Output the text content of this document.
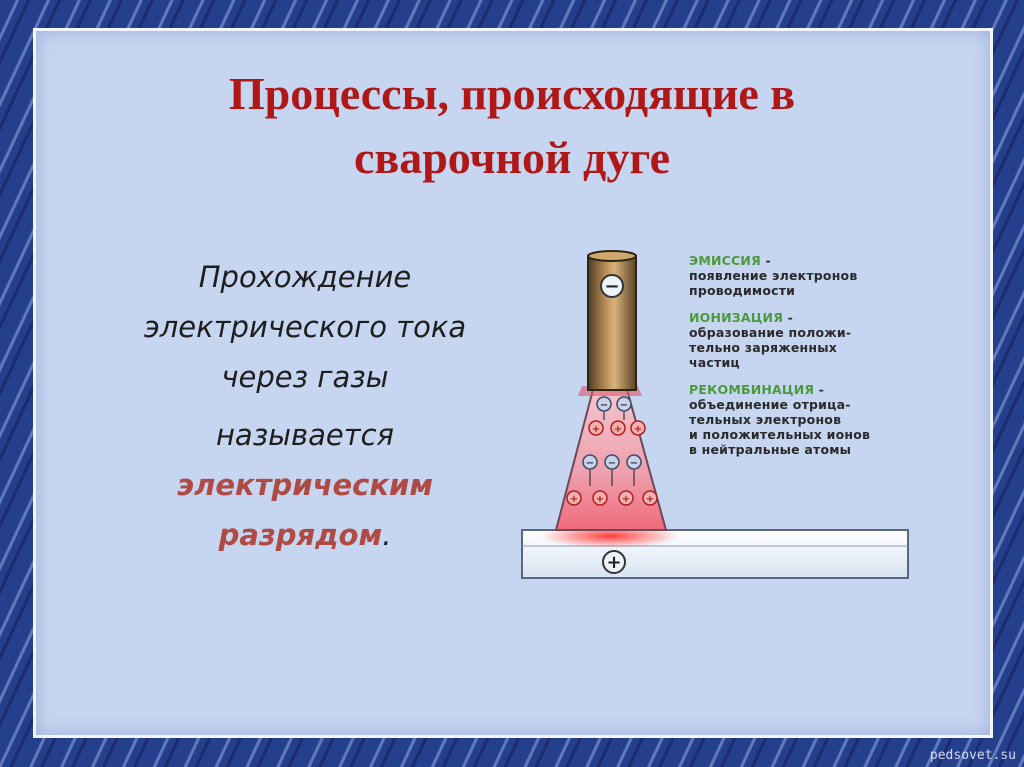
Процессы, происходящие в
сварочной дуге
Прохождение
электрического тока
через газы
называется
электрическим
разрядом.
−
+
− −
− −
−
+ + +
+ + + +
ЭМИССИЯ -
появление электронов
проводимости
ИОНИЗАЦИЯ -
образование положи-
тельно заряженных
частиц
РЕКОМБИНАЦИЯ -
объединение отрица-
тельных электронов
и положительных ионов
в нейтральные атомы
pedsovet.su
